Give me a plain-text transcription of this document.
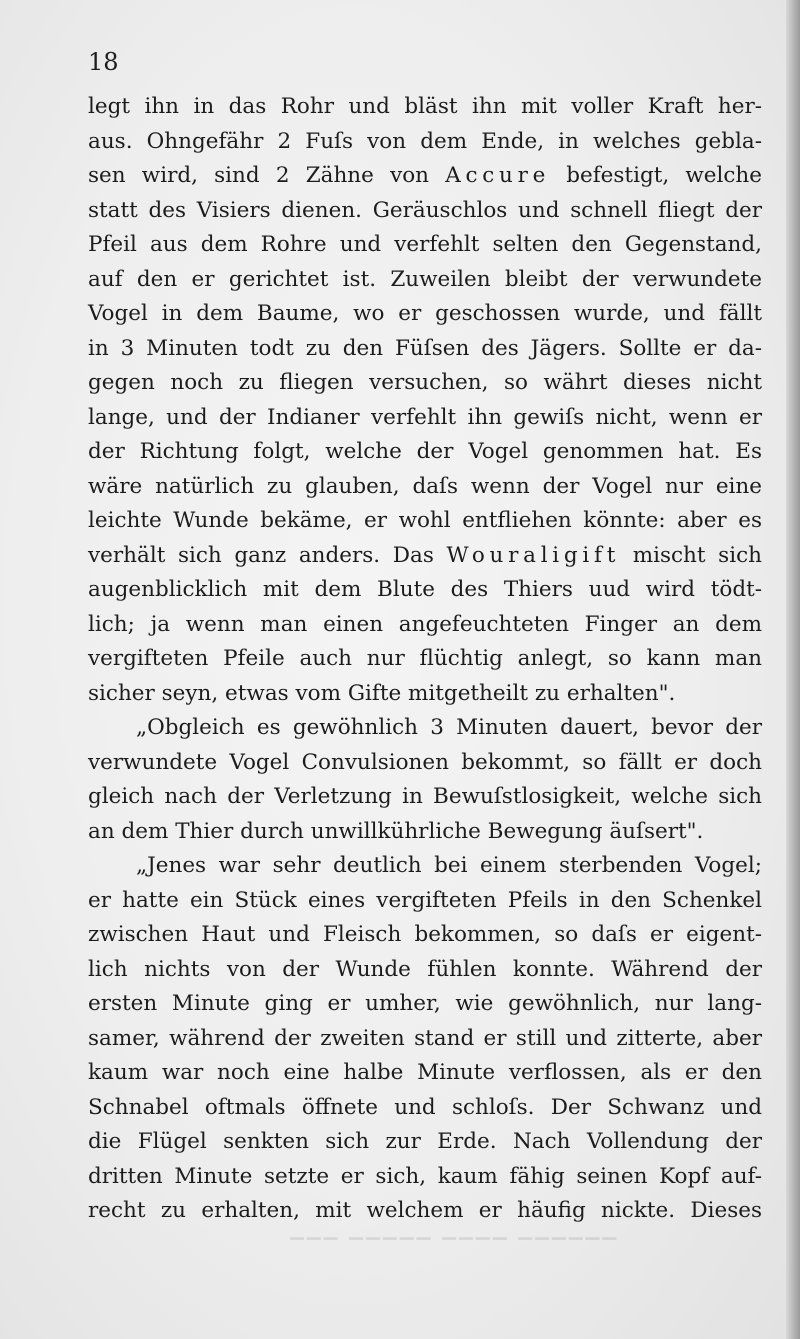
18

legt ihn in das Rohr und bläst ihn mit voller Kraft her-

aus. Ohngefähr 2 Fuſs von dem Ende, in welches gebla-

sen wird, sind 2 Zähne von Accure befestigt, welche

statt des Visiers dienen. Geräuschlos und schnell fliegt der

Pfeil aus dem Rohre und verfehlt selten den Gegenstand,

auf den er gerichtet ist. Zuweilen bleibt der verwundete

Vogel in dem Baume, wo er geschossen wurde, und fällt

in 3 Minuten todt zu den Füſsen des Jägers. Sollte er da-

gegen noch zu fliegen versuchen, so währt dieses nicht

lange, und der Indianer verfehlt ihn gewiſs nicht, wenn er

der Richtung folgt, welche der Vogel genommen hat. Es

wäre natürlich zu glauben, daſs wenn der Vogel nur eine

leichte Wunde bekäme, er wohl entfliehen könnte: aber es

verhält sich ganz anders. Das Wouraligift mischt sich

augenblicklich mit dem Blute des Thiers uud wird tödt-

lich; ja wenn man einen angefeuchteten Finger an dem

vergifteten Pfeile auch nur flüchtig anlegt, so kann man

sicher seyn, etwas vom Gifte mitgetheilt zu erhalten".

„Obgleich es gewöhnlich 3 Minuten dauert, bevor der

verwundete Vogel Convulsionen bekommt, so fällt er doch

gleich nach der Verletzung in Bewuſstlosigkeit, welche sich

an dem Thier durch unwillkührliche Bewegung äuſsert".

„Jenes war sehr deutlich bei einem sterbenden Vogel;

er hatte ein Stück eines vergifteten Pfeils in den Schenkel

zwischen Haut und Fleisch bekommen, so daſs er eigent-

lich nichts von der Wunde fühlen konnte. Während der

ersten Minute ging er umher, wie gewöhnlich, nur lang-

samer, während der zweiten stand er still und zitterte, aber

kaum war noch eine halbe Minute verflossen, als er den

Schnabel oftmals öffnete und schloſs. Der Schwanz und

die Flügel senkten sich zur Erde. Nach Vollendung der

dritten Minute setzte er sich, kaum fähig seinen Kopf auf-

recht zu erhalten, mit welchem er häufig nickte. Dieses

▔▔▔ ▔▔▔▔▔ ▔▔▔▔ ▔▔▔▔▔▔
